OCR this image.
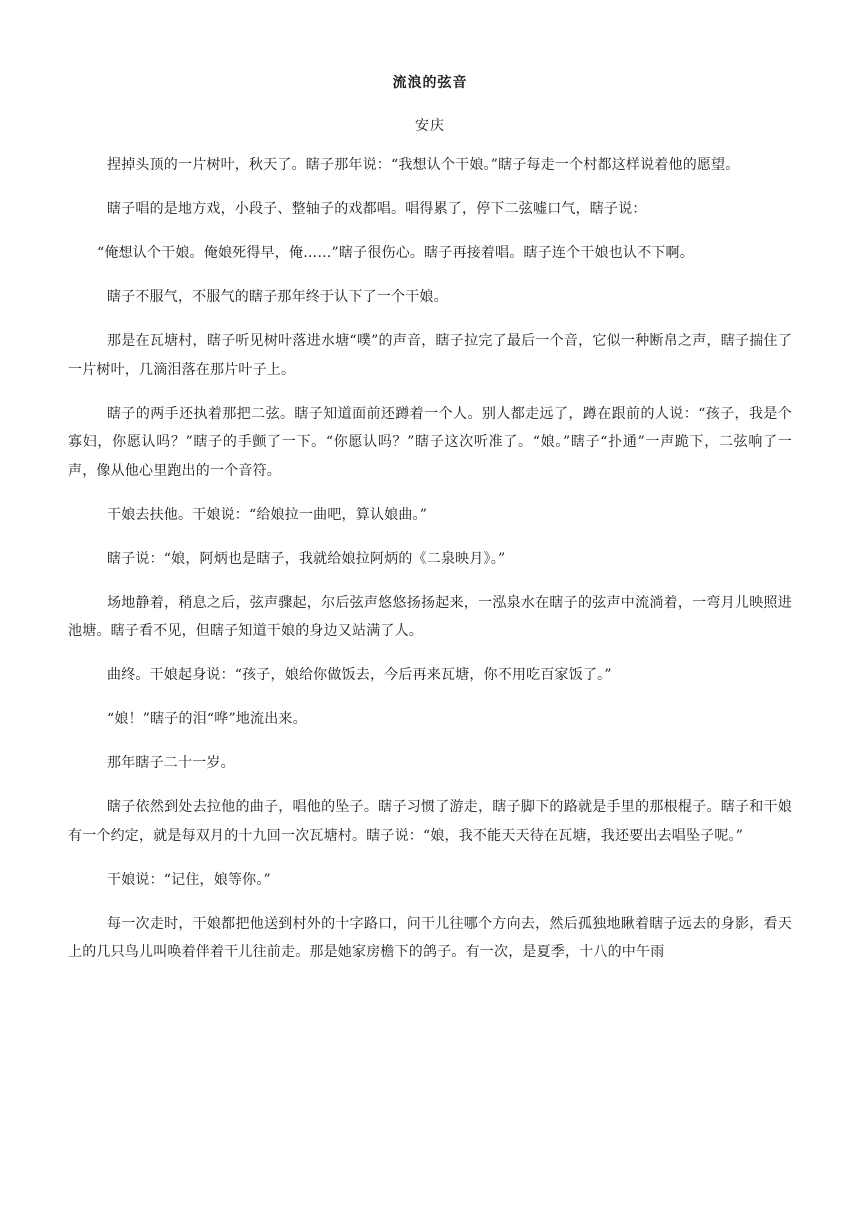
流浪的弦音
安庆

捏掉头顶的一片树叶，秋天了。瞎子那年说：“我想认个干娘。”瞎子每走一个村都这样说着他的愿望。

瞎子唱的是地方戏，小段子、整轴子的戏都唱。唱得累了，停下二弦嘘口气，瞎子说：

“俺想认个干娘。俺娘死得早，俺……”瞎子很伤心。瞎子再接着唱。瞎子连个干娘也认不下啊。

瞎子不服气，不服气的瞎子那年终于认下了一个干娘。

那是在瓦塘村，瞎子听见树叶落进水塘“噗”的声音，瞎子拉完了最后一个音，它似一种断帛之声，瞎子揣住了一片树叶，几滴泪落在那片叶子上。

瞎子的两手还执着那把二弦。瞎子知道面前还蹲着一个人。别人都走远了，蹲在跟前的人说：“孩子，我是个寡妇，你愿认吗？”瞎子的手颤了一下。“你愿认吗？”瞎子这次听准了。“娘。”瞎子“扑通”一声跪下，二弦响了一声，像从他心里跑出的一个音符。

干娘去扶他。干娘说：“给娘拉一曲吧，算认娘曲。”

瞎子说：“娘，阿炳也是瞎子，我就给娘拉阿炳的《二泉映月》。”

场地静着，稍息之后，弦声骤起，尔后弦声悠悠扬扬起来，一泓泉水在瞎子的弦声中流淌着，一弯月儿映照进池塘。瞎子看不见，但瞎子知道干娘的身边又站满了人。

曲终。干娘起身说：“孩子，娘给你做饭去，今后再来瓦塘，你不用吃百家饭了。”

“娘！”瞎子的泪“哗”地流出来。

那年瞎子二十一岁。

瞎子依然到处去拉他的曲子，唱他的坠子。瞎子习惯了游走，瞎子脚下的路就是手里的那根棍子。瞎子和干娘有一个约定，就是每双月的十九回一次瓦塘村。瞎子说：“娘，我不能天天待在瓦塘，我还要出去唱坠子呢。”

干娘说：“记住，娘等你。”

每一次走时，干娘都把他送到村外的十字路口，问干儿往哪个方向去，然后孤独地瞅着瞎子远去的身影，看天上的几只鸟儿叫唤着伴着干儿往前走。那是她家房檐下的鸽子。有一次，是夏季，十八的中午雨
